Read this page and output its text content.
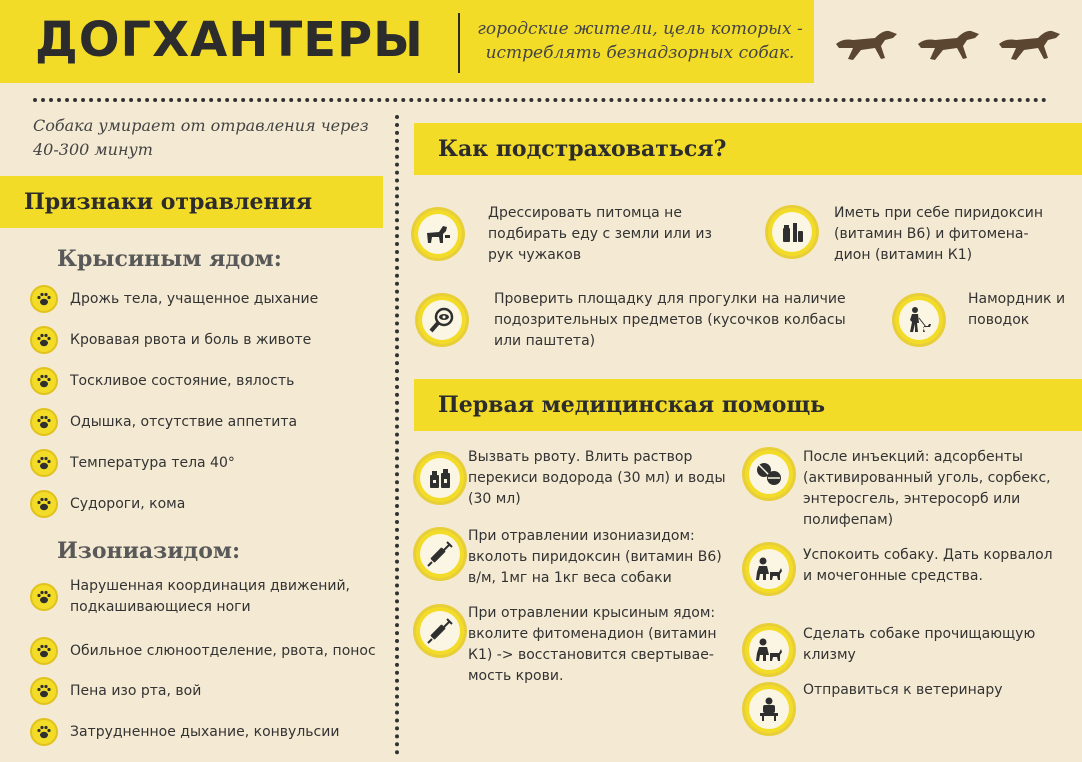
ДОГХАНТЕРЫ	городские жители, цель которых - истреблять безнадзорных собак.
Собака умирает от отравления через 40-300 минут
Признаки отравления
Крысиным ядом:
Дрожь тела, учащенное дыхание
Кровавая рвота и боль в животе
Тоскливое состояние, вялость
Одышка, отсутствие аппетита
Температура тела 40°
Судороги, кома
Изониазидом:
Нарушенная координация движений, подкашивающиеся ноги
Обильное слюноотделение, рвота, понос
Пена изо рта, вой
Затрудненное дыхание, конвульсии
Как подстраховаться?
Дрессировать питомца не подбирать еду с земли или из рук чужаков
Иметь при себе пиридоксин (витамин В6) и фитомена-дион (витамин К1)
Проверить площадку для прогулки на наличие подозрительных предметов (кусочков колбасы или паштета)
Намордник и поводок
Первая медицинская помощь
Вызвать рвоту. Влить раствор перекиси водорода (30 мл) и воды (30 мл)
При отравлении изониазидом: вколоть пиридоксин (витамин В6) в/м, 1мг на 1кг веса собаки
При отравлении крысиным ядом: вколите фитоменадион (витамин К1) -> восстановится свертывае-мость крови.
После инъекций: адсорбенты (активированный уголь, сорбекс, энтеросгель, энтеросорб или полифепам)
Успокоить собаку. Дать корвалол и мочегонные средства.
Сделать собаке прочищающую клизму
Отправиться к ветеринару
